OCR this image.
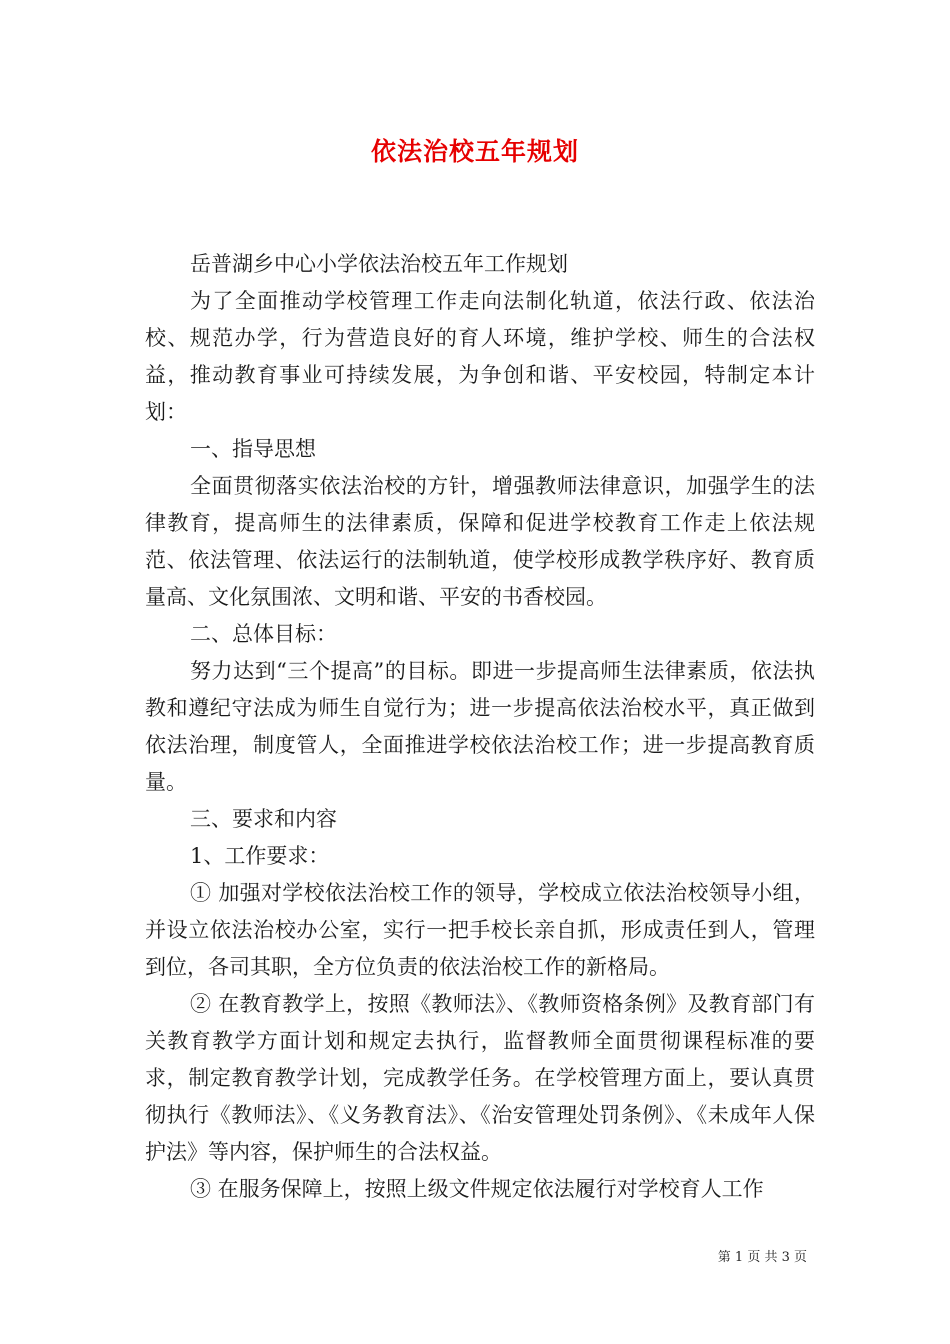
依法治校五年规划

岳普湖乡中心小学依法治校五年工作规划

为了全面推动学校管理工作走向法制化轨道，依法行政、依法治校、规范办学，行为营造良好的育人环境，维护学校、师生的合法权益，推动教育事业可持续发展，为争创和谐、平安校园，特制定本计划：

一、指导思想

全面贯彻落实依法治校的方针，增强教师法律意识，加强学生的法律教育，提高师生的法律素质，保障和促进学校教育工作走上依法规范、依法管理、依法运行的法制轨道，使学校形成教学秩序好、教育质量高、文化氛围浓、文明和谐、平安的书香校园。

二、总体目标：

努力达到“三个提高”的目标。即进一步提高师生法律素质，依法执教和遵纪守法成为师生自觉行为；进一步提高依法治校水平，真正做到依法治理，制度管人，全面推进学校依法治校工作；进一步提高教育质量。

三、要求和内容

1、工作要求：

① 加强对学校依法治校工作的领导，学校成立依法治校领导小组，并设立依法治校办公室，实行一把手校长亲自抓，形成责任到人，管理到位，各司其职，全方位负责的依法治校工作的新格局。

② 在教育教学上，按照《教师法》、《教师资格条例》及教育部门有关教育教学方面计划和规定去执行，监督教师全面贯彻课程标准的要求，制定教育教学计划，完成教学任务。在学校管理方面上，要认真贯彻执行《教师法》、《义务教育法》、《治安管理处罚条例》、《未成年人保护法》等内容，保护师生的合法权益。

③ 在服务保障上，按照上级文件规定依法履行对学校育人工作

第 1 页 共 3 页
